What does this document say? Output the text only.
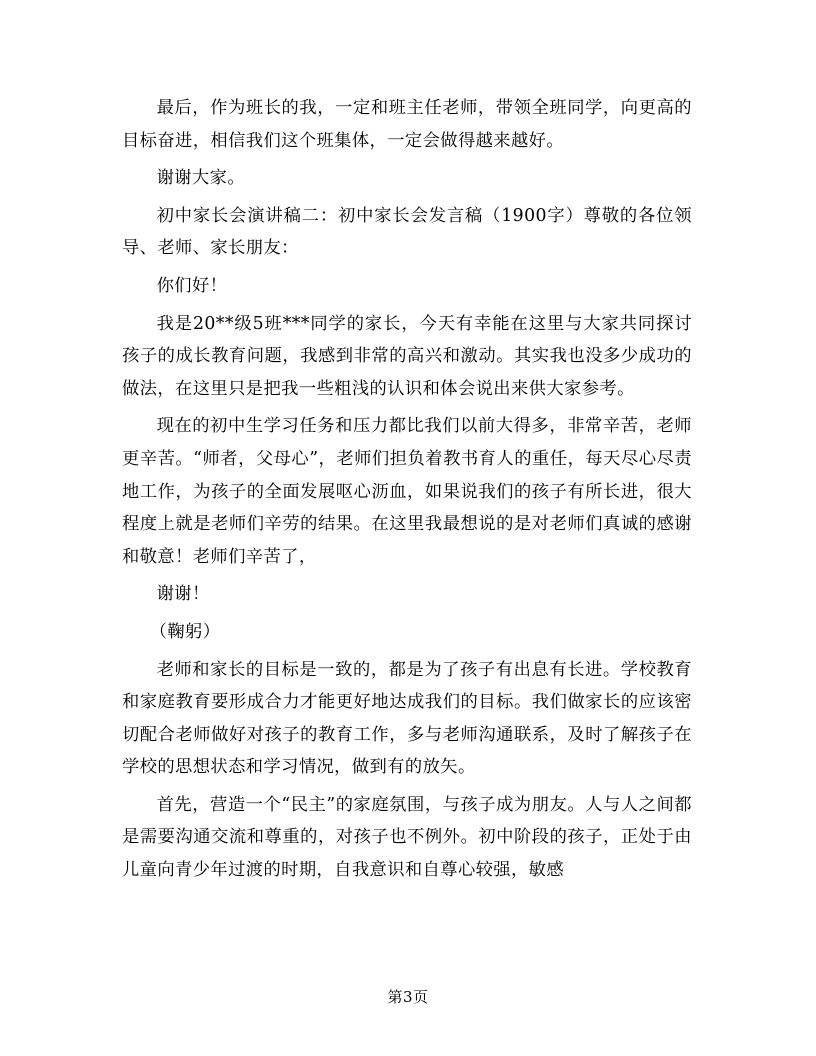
最后，作为班长的我，一定和班主任老师，带领全班同学，向更高的目标奋进，相信我们这个班集体，一定会做得越来越好。

谢谢大家。

初中家长会演讲稿二：初中家长会发言稿（1900字）尊敬的各位领导、老师、家长朋友：

你们好！

我是20**级5班***同学的家长，今天有幸能在这里与大家共同探讨孩子的成长教育问题，我感到非常的高兴和激动。其实我也没多少成功的做法，在这里只是把我一些粗浅的认识和体会说出来供大家参考。

现在的初中生学习任务和压力都比我们以前大得多，非常辛苦，老师更辛苦。“师者，父母心”，老师们担负着教书育人的重任，每天尽心尽责地工作，为孩子的全面发展呕心沥血，如果说我们的孩子有所长进，很大程度上就是老师们辛劳的结果。在这里我最想说的是对老师们真诚的感谢和敬意！老师们辛苦了，

谢谢！

（鞠躬）

老师和家长的目标是一致的，都是为了孩子有出息有长进。学校教育和家庭教育要形成合力才能更好地达成我们的目标。我们做家长的应该密切配合老师做好对孩子的教育工作，多与老师沟通联系，及时了解孩子在学校的思想状态和学习情况，做到有的放矢。

首先，营造一个“民主”的家庭氛围，与孩子成为朋友。人与人之间都是需要沟通交流和尊重的，对孩子也不例外。初中阶段的孩子，正处于由儿童向青少年过渡的时期，自我意识和自尊心较强，敏感

第3页
